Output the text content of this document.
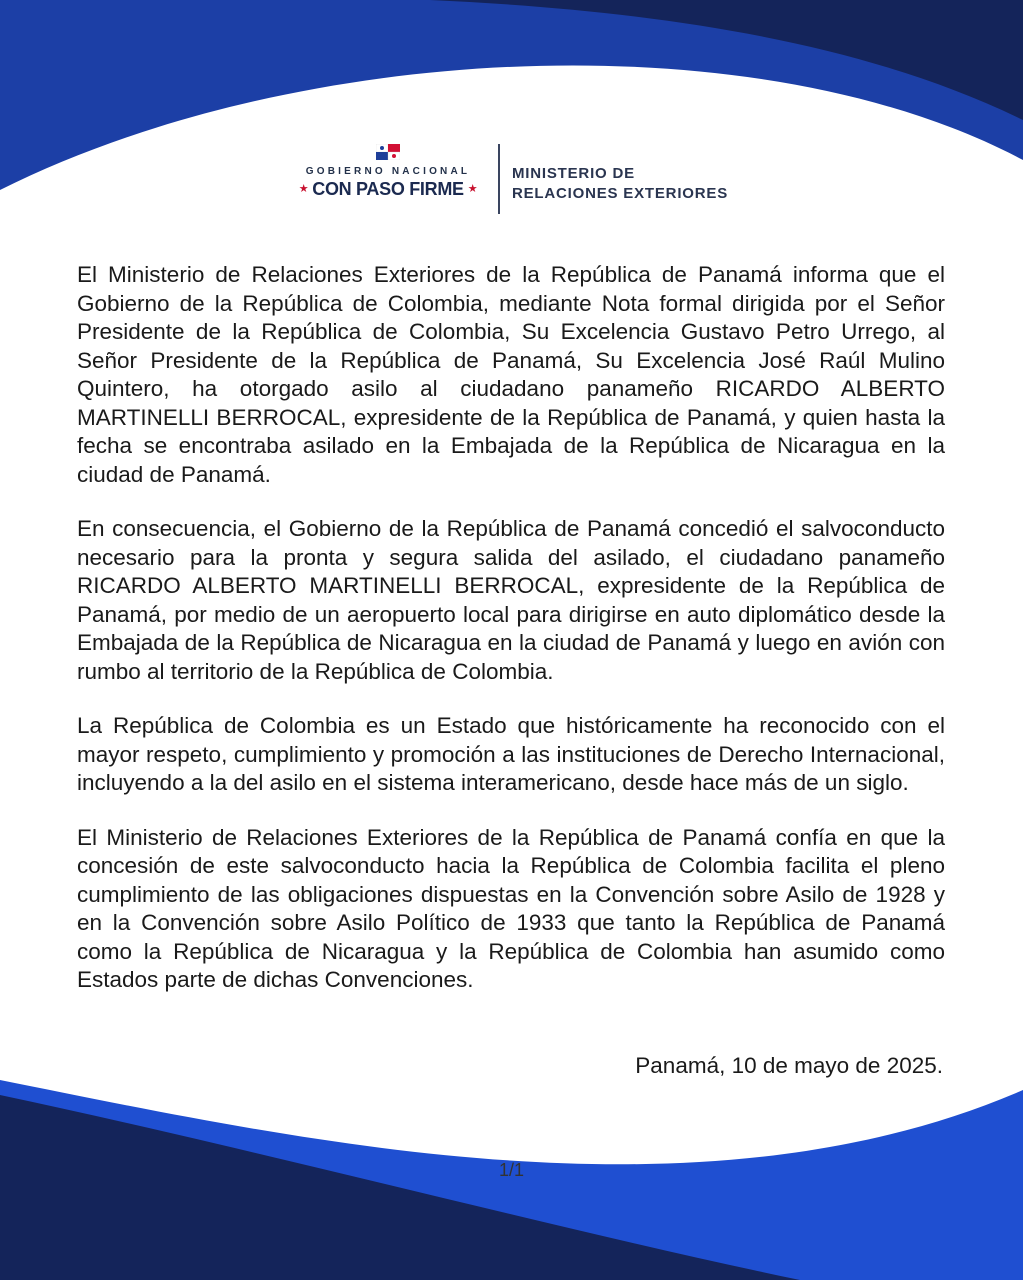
GOBIERNO NACIONAL
★ CON PASO FIRME ★
MINISTERIO DE
RELACIONES EXTERIORES

El Ministerio de Relaciones Exteriores de la República de Panamá informa que el Gobierno de la República de Colombia, mediante Nota formal dirigida por el Señor Presidente de la República de Colombia, Su Excelencia Gustavo Petro Urrego, al Señor Presidente de la República de Panamá, Su Excelencia José Raúl Mulino Quintero, ha otorgado asilo al ciudadano panameño RICARDO ALBERTO MARTINELLI BERROCAL, expresidente de la República de Panamá, y quien hasta la fecha se encontraba asilado en la Embajada de la República de Nicaragua en la ciudad de Panamá.

En consecuencia, el Gobierno de la República de Panamá concedió el salvoconducto necesario para la pronta y segura salida del asilado, el ciudadano panameño RICARDO ALBERTO MARTINELLI BERROCAL, expresidente de la República de Panamá, por medio de un aeropuerto local para dirigirse en auto diplomático desde la Embajada de la República de Nicaragua en la ciudad de Panamá y luego en avión con rumbo al territorio de la República de Colombia.

La República de Colombia es un Estado que históricamente ha reconocido con el mayor respeto, cumplimiento y promoción a las instituciones de Derecho Internacional, incluyendo a la del asilo en el sistema interamericano, desde hace más de un siglo.

El Ministerio de Relaciones Exteriores de la República de Panamá confía en que la concesión de este salvoconducto hacia la República de Colombia facilita el pleno cumplimiento de las obligaciones dispuestas en la Convención sobre Asilo de 1928 y en la Convención sobre Asilo Político de 1933 que tanto la República de Panamá como la República de Nicaragua y la República de Colombia han asumido como Estados parte de dichas Convenciones.

Panamá, 10 de mayo de 2025.
1/1
